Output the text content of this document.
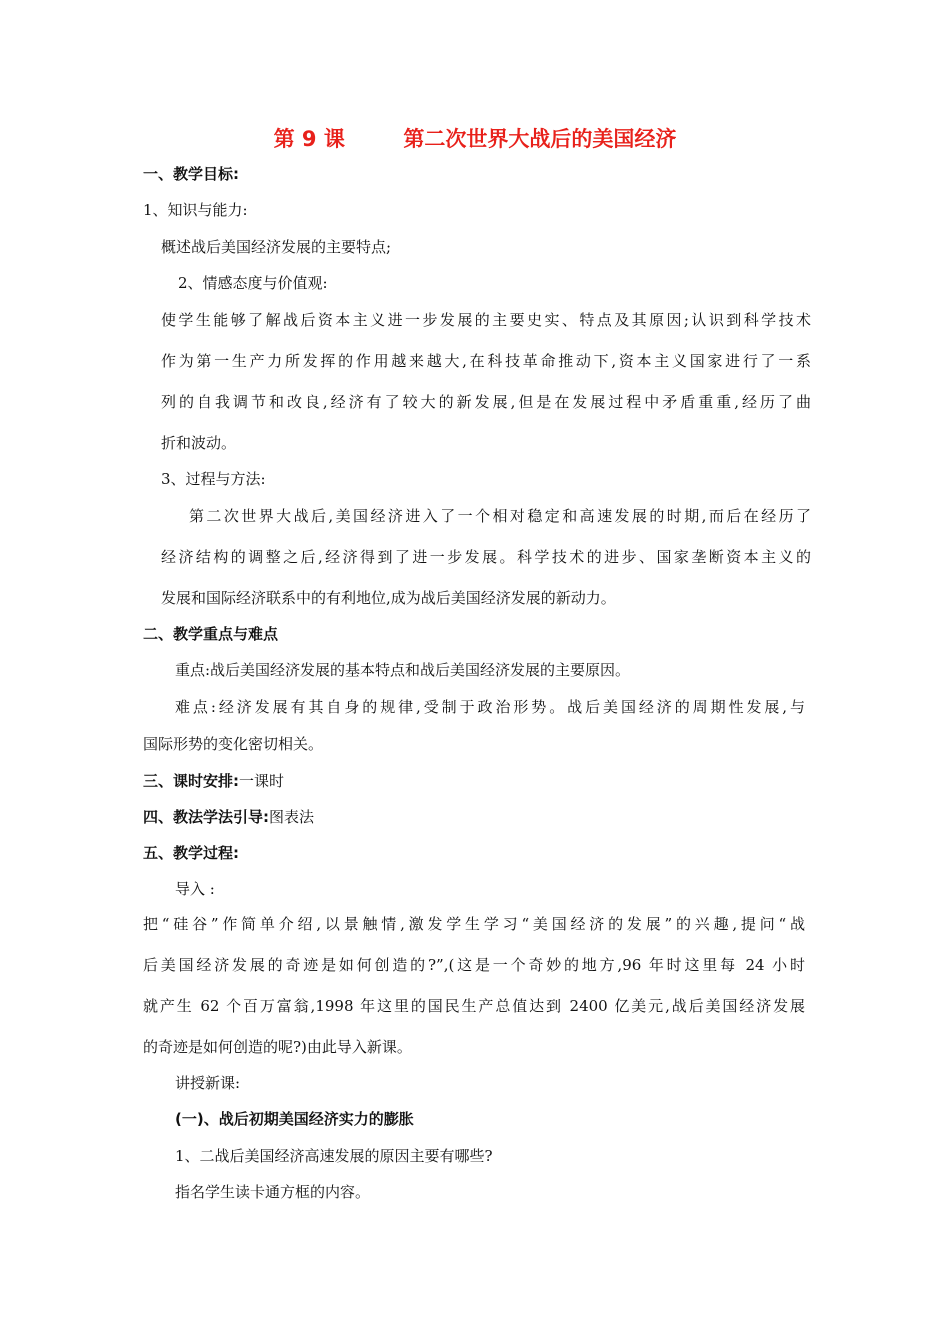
第 9 课	第二次世界大战后的美国经济
一、教学目标:
1、知识与能力:
概述战后美国经济发展的主要特点;
2、情感态度与价值观:
使学生能够了解战后资本主义进一步发展的主要史实、特点及其原因;认识到科学技术
作为第一生产力所发挥的作用越来越大,在科技革命推动下,资本主义国家进行了一系
列的自我调节和改良,经济有了较大的新发展,但是在发展过程中矛盾重重,经历了曲
折和波动。
3、过程与方法:
第二次世界大战后,美国经济进入了一个相对稳定和高速发展的时期,而后在经历了
经济结构的调整之后,经济得到了进一步发展。科学技术的进步、国家垄断资本主义的
发展和国际经济联系中的有利地位,成为战后美国经济发展的新动力。
二、教学重点与难点
重点:战后美国经济发展的基本特点和战后美国经济发展的主要原因。
难点:经济发展有其自身的规律,受制于政治形势。战后美国经济的周期性发展,与
国际形势的变化密切相关。
三、课时安排:一课时
四、教法学法引导:图表法
五、教学过程:
导入 :
把“硅谷”作简单介绍,以景触情,激发学生学习“美国经济的发展”的兴趣,提问“战
后美国经济发展的奇迹是如何创造的?”,(这是一个奇妙的地方,96 年时这里每 24 小时
就产生 62 个百万富翁,1998 年这里的国民生产总值达到 2400 亿美元,战后美国经济发展
的奇迹是如何创造的呢?)由此导入新课。
讲授新课:
(一)、战后初期美国经济实力的膨胀
1、二战后美国经济高速发展的原因主要有哪些?
指名学生读卡通方框的内容。
